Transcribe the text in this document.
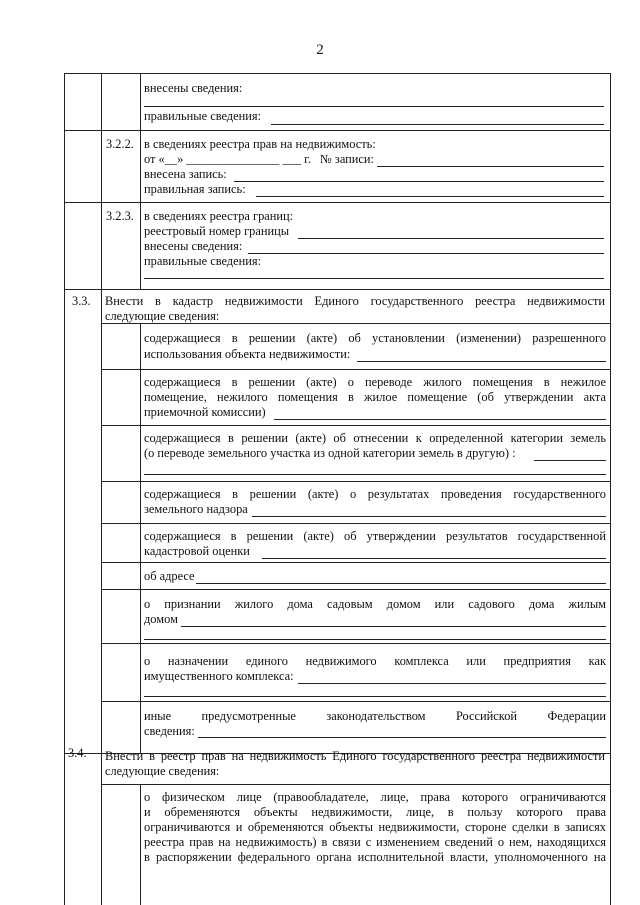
2
внесены сведения:
правильные сведения:
3.2.2. в сведениях реестра прав на недвижимость:
от «__» _______________ ___ г. № записи:
внесена запись:
правильная запись:
3.2.3. в сведениях реестра границ:
реестровый номер границы
внесены сведения:
правильные сведения:
3.3. Внести в кадастр недвижимости Единого государственного реестра недвижимости
следующие сведения:
содержащиеся в решении (акте) об установлении (изменении) разрешенного
использования объекта недвижимости:
содержащиеся в решении (акте) о переводе жилого помещения в нежилое
помещение, нежилого помещения в жилое помещение (об утверждении акта
приемочной комиссии)
содержащиеся в решении (акте) об отнесении к определенной категории земель
(о переводе земельного участка из одной категории земель в другую) :
содержащиеся в решении (акте) о результатах проведения государственного
земельного надзора
содержащиеся в решении (акте) об утверждении результатов государственной
кадастровой оценки
об адресе
о признании жилого дома садовым домом или садового дома жилым
домом
о назначении единого недвижимого комплекса или предприятия как
имущественного комплекса:
иные предусмотренные законодательством Российской Федерации
сведения:
3.4. Внести в реестр прав на недвижимость Единого государственного реестра недвижимости
следующие сведения:
о физическом лице (правообладателе, лице, права которого ограничиваются
и обременяются объекты недвижимости, лице, в пользу которого права
ограничиваются и обременяются объекты недвижимости, стороне сделки в записях
реестра прав на недвижимость) в связи с изменением сведений о нем, находящихся
в распоряжении федерального органа исполнительной власти, уполномоченного на
